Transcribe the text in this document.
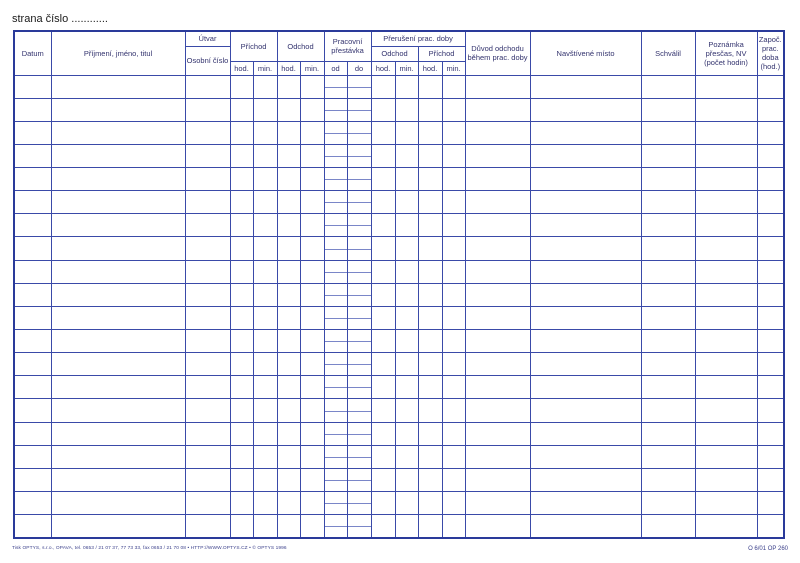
strana číslo ............
Datum	Příjmení, jméno, titul	Útvar	Příchod		Odchod		Pracovní přestávka		Přerušení prac. doby				Důvod odchodu během prac. doby	Navštívené místo	Schválil	Poznámka přesčas, NV (počet hodin)	Započ. prac. doba (hod.)
		Osobní číslo							Odchod		Příchod						
			hod.	min.	hod.	min.	od	do	hod.	min.	hod.	min.					

Tisk OPTYS, s.r.o., OPAVA, tel. 0653 / 21 07 37, 77 73 33, fax 0653 / 21 70 08 • HTTP://WWW.OPTYS.CZ • © OPTYS 1996	O 6/01 OP 260
